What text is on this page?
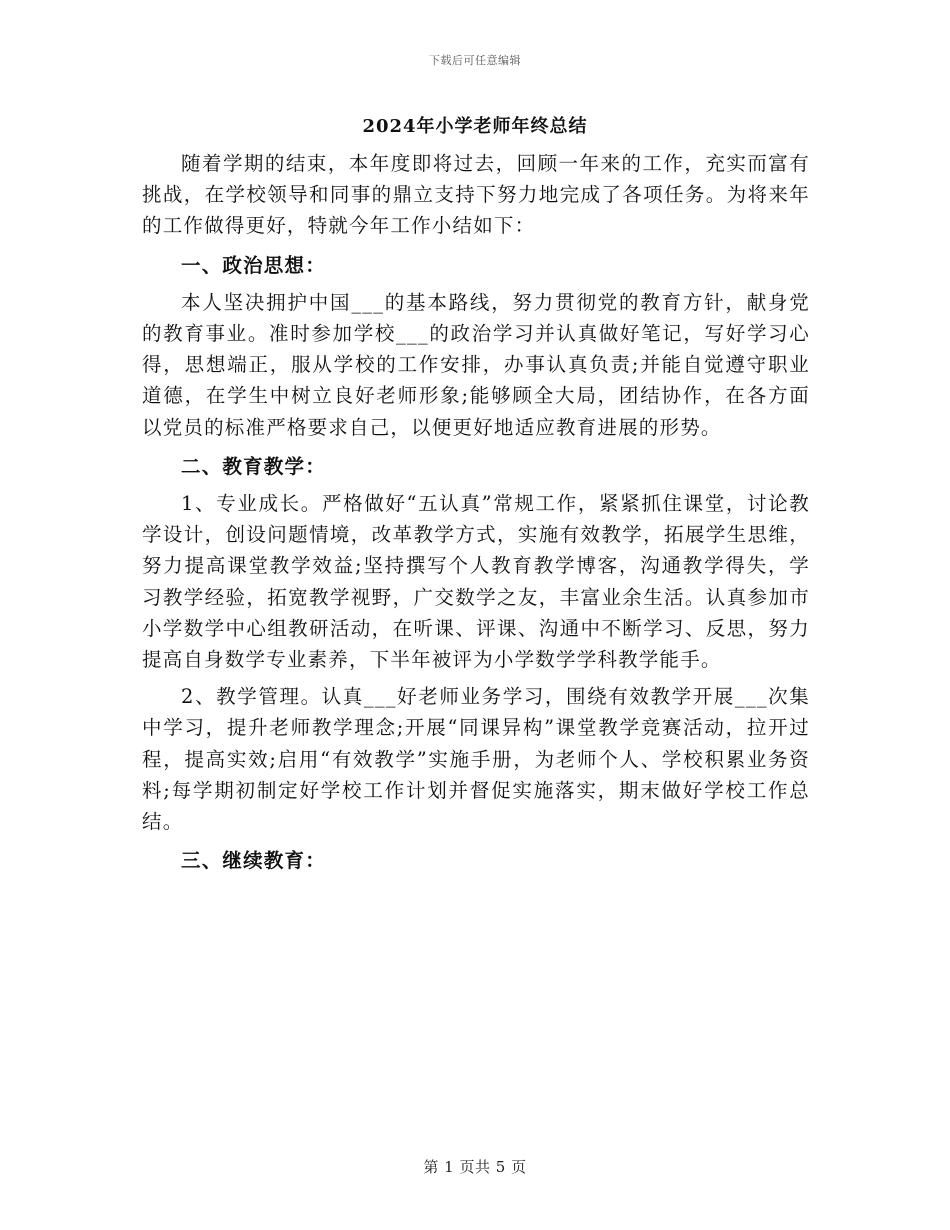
下载后可任意编辑
2024年小学老师年终总结

随着学期的结束，本年度即将过去，回顾一年来的工作，充实而富有挑战，在学校领导和同事的鼎立支持下努力地完成了各项任务。为将来年的工作做得更好，特就今年工作小结如下：

一、政治思想：

本人坚决拥护中国___的基本路线，努力贯彻党的教育方针，献身党的教育事业。准时参加学校___的政治学习并认真做好笔记，写好学习心得，思想端正，服从学校的工作安排，办事认真负责;并能自觉遵守职业道德，在学生中树立良好老师形象;能够顾全大局，团结协作，在各方面以党员的标准严格要求自己，以便更好地适应教育进展的形势。

二、教育教学：

1、专业成长。严格做好“五认真”常规工作，紧紧抓住课堂，讨论教学设计，创设问题情境，改革教学方式，实施有效教学，拓展学生思维，努力提高课堂教学效益;坚持撰写个人教育教学博客，沟通教学得失，学习教学经验，拓宽教学视野，广交数学之友，丰富业余生活。认真参加市小学数学中心组教研活动，在听课、评课、沟通中不断学习、反思，努力提高自身数学专业素养，下半年被评为小学数学学科教学能手。

2、教学管理。认真___好老师业务学习，围绕有效教学开展___次集中学习，提升老师教学理念;开展“同课异构”课堂教学竞赛活动，拉开过程，提高实效;启用“有效教学”实施手册，为老师个人、学校积累业务资料;每学期初制定好学校工作计划并督促实施落实，期末做好学校工作总结。

三、继续教育：

第 1 页共 5 页
